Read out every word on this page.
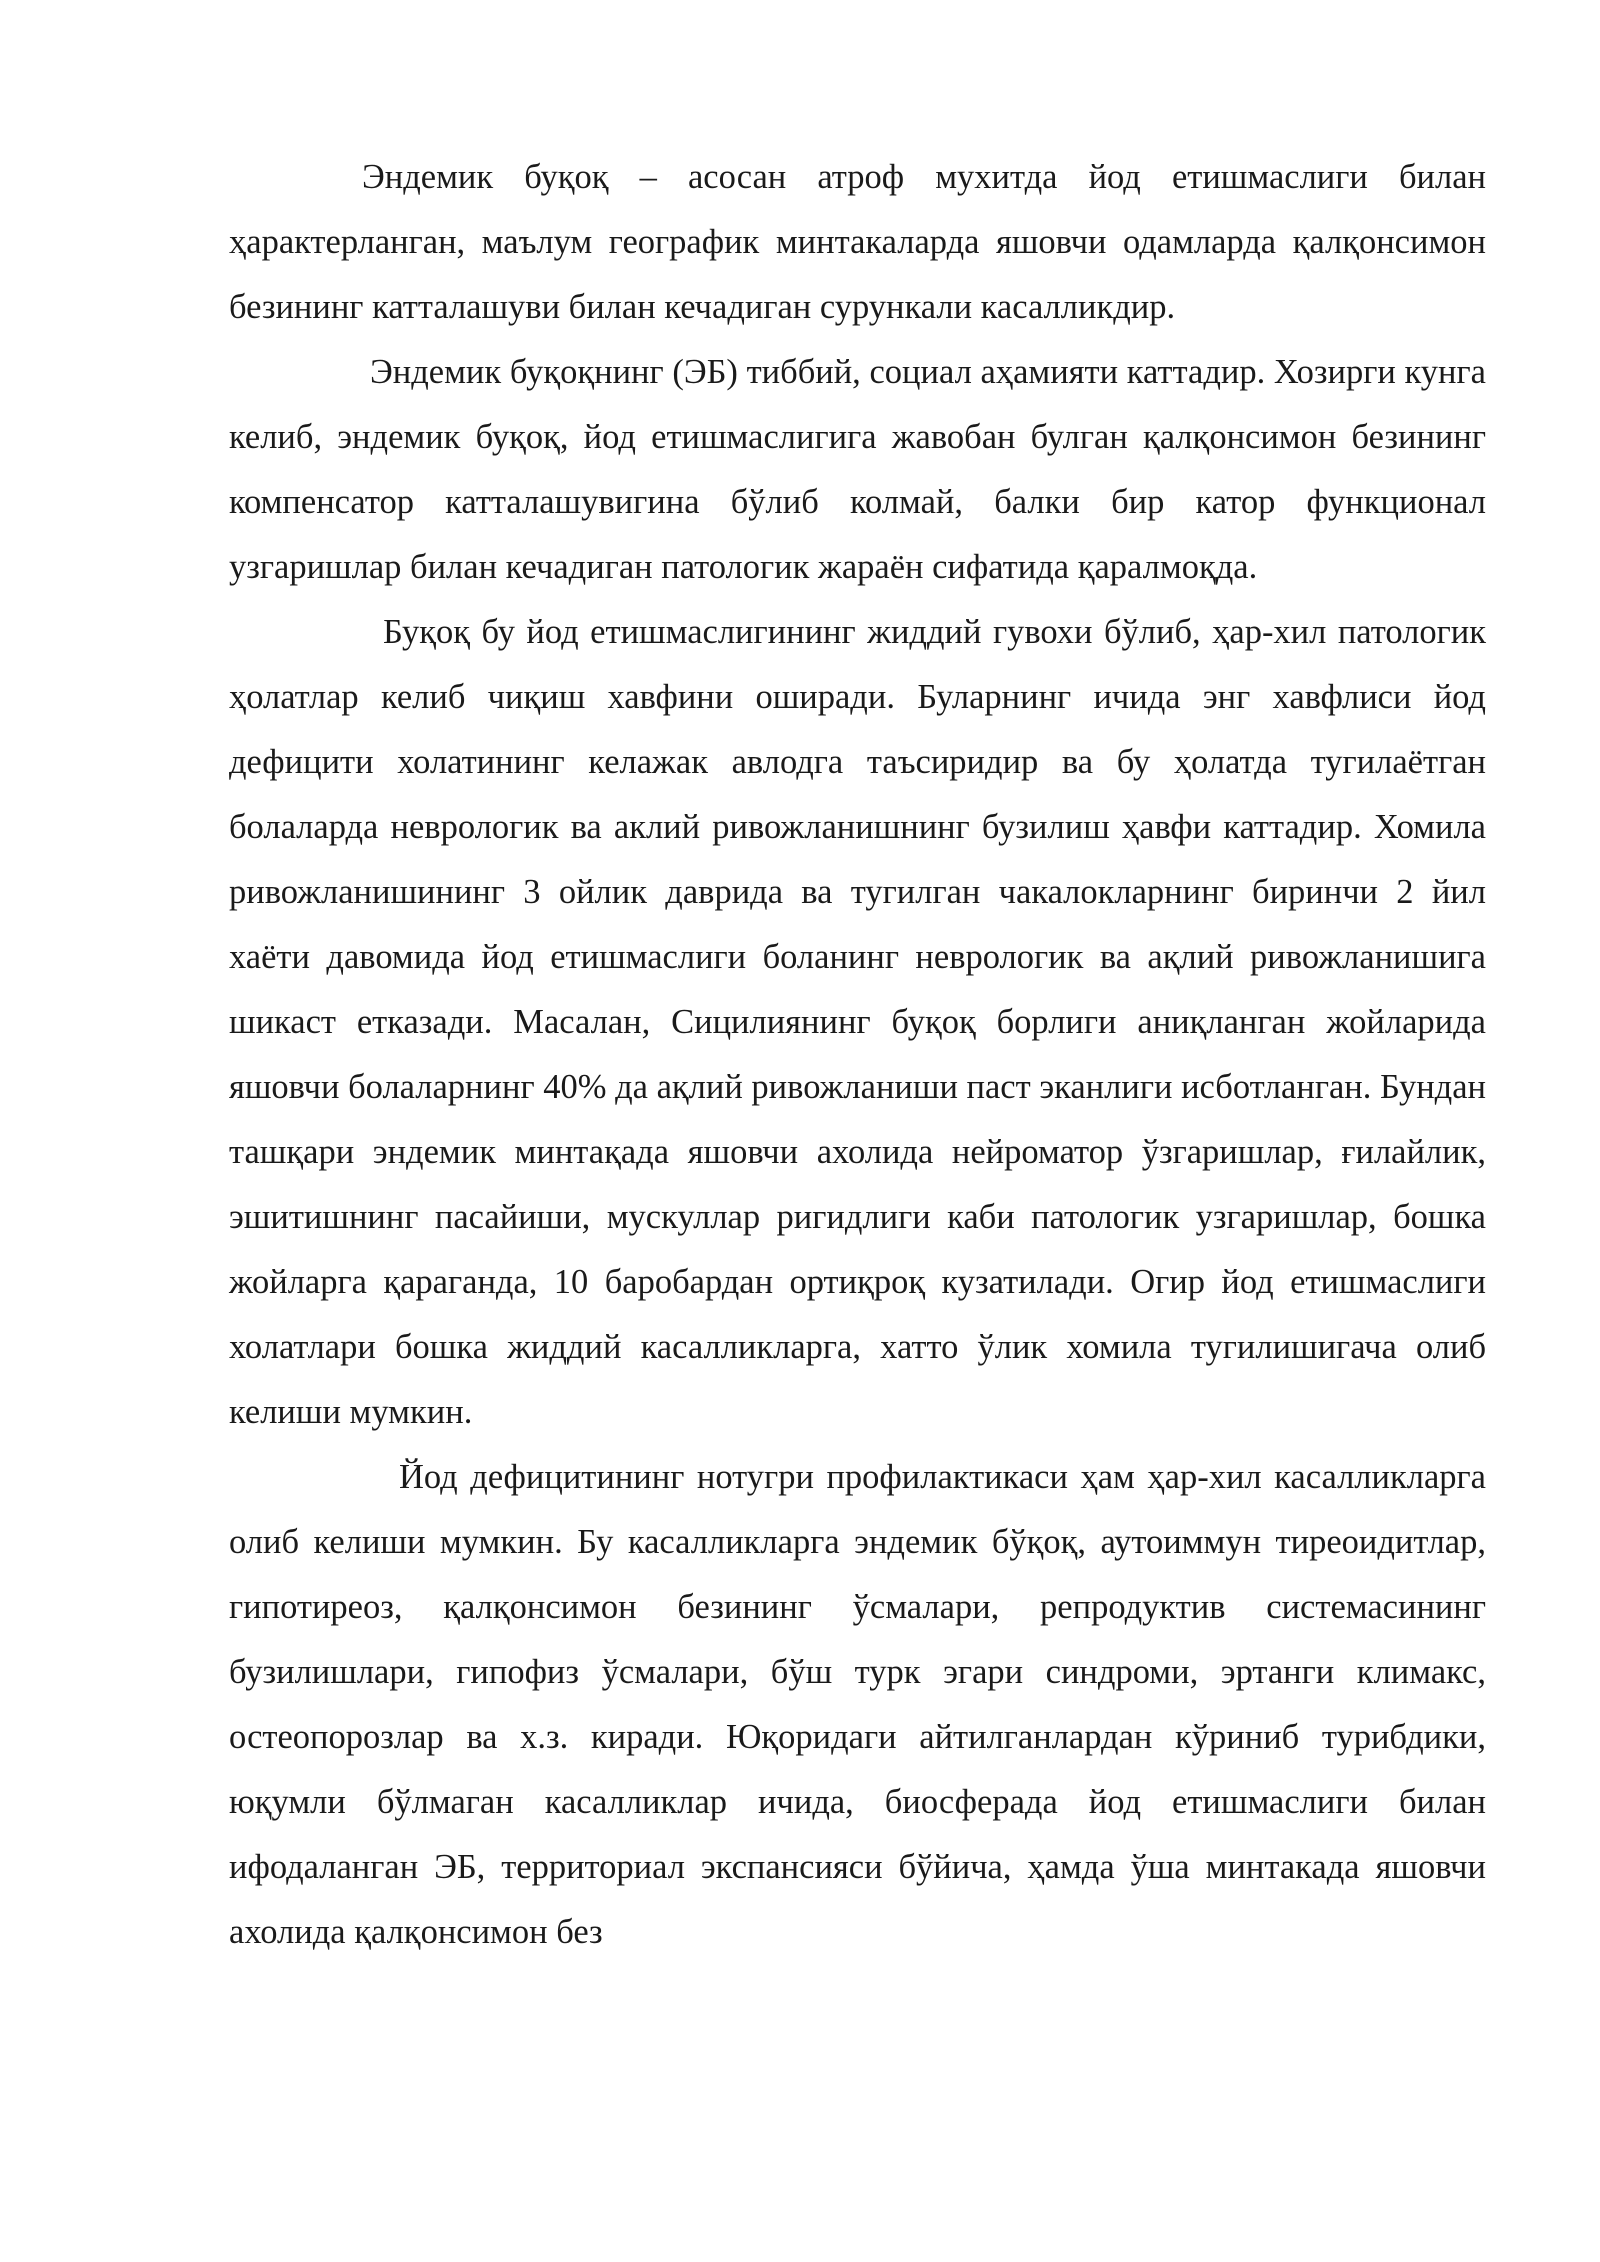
Эндемик буқоқ – асосан атроф мухитда йод етишмаслиги билан ҳарактерланган, маълум географик минтакаларда яшовчи одамларда қалқонсимон безининг катталашуви билан кечадиган сурункали касалликдир.

Эндемик буқоқнинг (ЭБ) тиббий, социал аҳамияти каттадир. Хозирги кунга келиб, эндемик буқоқ, йод етишмаслигига жавобан булган қалқонсимон безининг компенсатор катталашувигина бўлиб колмай, балки бир катор функционал узгаришлар билан кечадиган патологик жараён сифатида қаралмоқда.

Буқоқ бу йод етишмаслигининг жиддий гувохи бўлиб, ҳар-хил патологик ҳолатлар келиб чиқиш хавфини оширади. Буларнинг ичида энг хавфлиси йод дефицити холатининг келажак авлодга таъсиридир ва бу ҳолатда тугилаётган болаларда неврологик ва аклий ривожланишнинг бузилиш ҳавфи каттадир. Хомила ривожланишининг 3 ойлик даврида ва тугилган чакалокларнинг биринчи 2 йил хаёти давомида йод етишмаслиги боланинг неврологик ва ақлий ривожланишига шикаст етказади. Масалан, Сицилиянинг буқоқ борлиги аниқланган жойларида яшовчи болаларнинг 40% да ақлий ривожланиши паст эканлиги исботланган. Бундан ташқари эндемик минтақада яшовчи ахолида нейроматор ўзгаришлар, ғилайлик, эшитишнинг пасайиши, мускуллар ригидлиги каби патологик узгаришлар, бошка жойларга қараганда, 10 баробардан ортиқроқ кузатилади. Огир йод етишмаслиги холатлари бошка жиддий касалликларга, хатто ўлик хомила тугилишигача олиб келиши мумкин.

Йод дефицитининг нотугри профилактикаси ҳам ҳар-хил касалликларга олиб келиши мумкин. Бу касалликларга эндемик бўқоқ, аутоиммун тиреоидитлар, гипотиреоз, қалқонсимон безининг ўсмалари, репродуктив системасининг бузилишлари, гипофиз ўсмалари, бўш турк эгари синдроми, эртанги климакс, остеопорозлар ва х.з. киради. Юқоридаги айтилганлардан кўриниб турибдики, юқумли бўлмаган касалликлар ичида, биосферада йод етишмаслиги билан ифодаланган ЭБ, территориал экспансияси бўйича, ҳамда ўша минтакада яшовчи ахолида қалқонсимон без
